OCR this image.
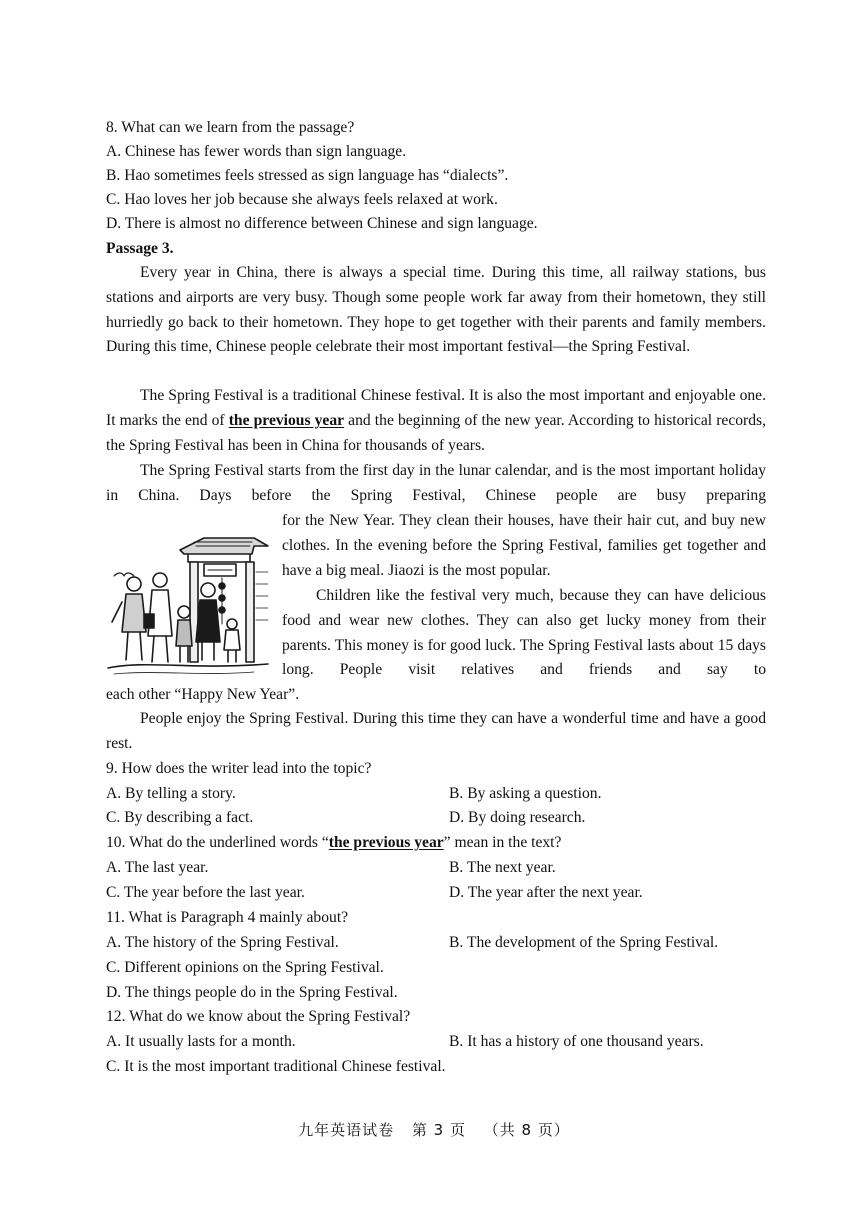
8. What can we learn from the passage?
A. Chinese has fewer words than sign language.
B. Hao sometimes feels stressed as sign language has “dialects”.
C. Hao loves her job because she always feels relaxed at work.
D. There is almost no difference between Chinese and sign language.
Passage 3.
Every year in China, there is always a special time. During this time, all railway stations, bus stations and airports are very busy. Though some people work far away from their hometown, they still hurriedly go back to their hometown. They hope to get together with their parents and family members. During this time, Chinese people celebrate their most important festival—the Spring Festival.
The Spring Festival is a traditional Chinese festival. It is also the most important and enjoyable one. It marks the end of the previous year and the beginning of the new year. According to historical records, the Spring Festival has been in China for thousands of years.
The Spring Festival starts from the first day in the lunar calendar, and is the most important holiday in China. Days before the Spring Festival, Chinese people are busy preparing
for the New Year. They clean their houses, have their hair cut, and buy new clothes. In the evening before the Spring Festival, families get together and have a big meal. Jiaozi is the most popular.
Children like the festival very much, because they can have delicious food and wear new clothes. They can also get lucky money from their parents. This money is for good luck. The Spring Festival lasts about 15 days long. People visit relatives and friends and say to
each other “Happy New Year”.
People enjoy the Spring Festival. During this time they can have a wonderful time and have a good rest.
9. How does the writer lead into the topic?
A. By telling a story.	B. By asking a question.
C. By describing a fact.	D. By doing research.
10. What do the underlined words “the previous year” mean in the text?
A. The last year.	B. The next year.
C. The year before the last year.	D. The year after the next year.
11. What is Paragraph 4 mainly about?
A. The history of the Spring Festival.	B. The development of the Spring Festival.
C. Different opinions on the Spring Festival.
D. The things people do in the Spring Festival.
12. What do we know about the Spring Festival?
A. It usually lasts for a month.	B. It has a history of one thousand years.
C. It is the most important traditional Chinese festival.
九年英语试卷 第 3 页 （共 8 页）
